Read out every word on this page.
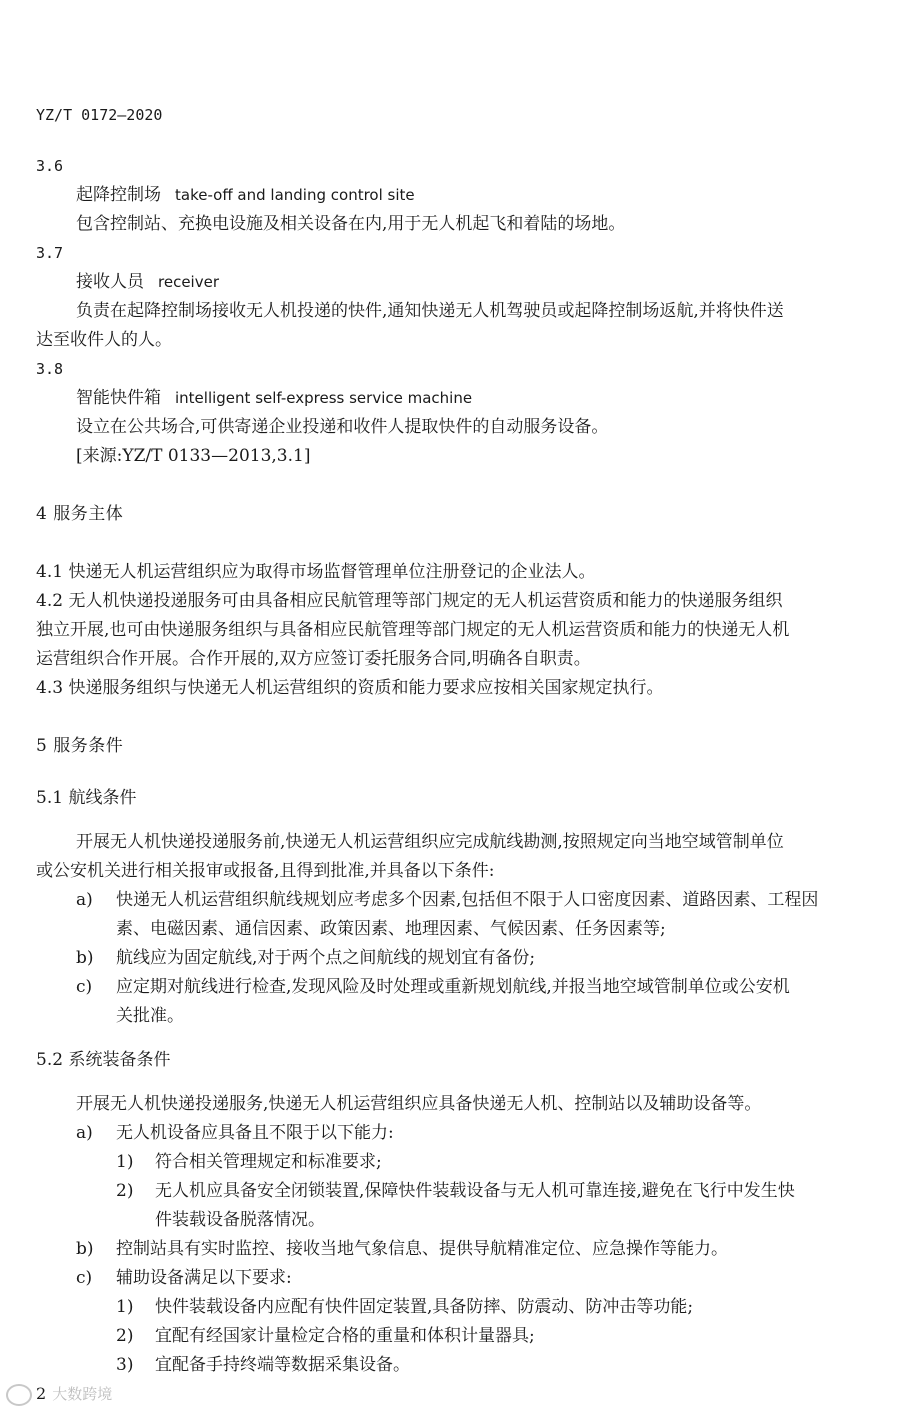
YZ/T 0172—2020
3.6
起降控制场 take-off and landing control site
包含控制站、充换电设施及相关设备在内,用于无人机起飞和着陆的场地。
3.7
接收人员 receiver
负责在起降控制场接收无人机投递的快件,通知快递无人机驾驶员或起降控制场返航,并将快件送
达至收件人的人。
3.8
智能快件箱 intelligent self-express service machine
设立在公共场合,可供寄递企业投递和收件人提取快件的自动服务设备。
[来源:YZ/T 0133—2013,3.1]
4 服务主体
4.1 快递无人机运营组织应为取得市场监督管理单位注册登记的企业法人。
4.2 无人机快递投递服务可由具备相应民航管理等部门规定的无人机运营资质和能力的快递服务组织
独立开展,也可由快递服务组织与具备相应民航管理等部门规定的无人机运营资质和能力的快递无人机
运营组织合作开展。合作开展的,双方应签订委托服务合同,明确各自职责。
4.3 快递服务组织与快递无人机运营组织的资质和能力要求应按相关国家规定执行。
5 服务条件
5.1 航线条件
开展无人机快递投递服务前,快递无人机运营组织应完成航线勘测,按照规定向当地空域管制单位
或公安机关进行相关报审或报备,且得到批准,并具备以下条件:
a) 快递无人机运营组织航线规划应考虑多个因素,包括但不限于人口密度因素、道路因素、工程因
素、电磁因素、通信因素、政策因素、地理因素、气候因素、任务因素等;
b) 航线应为固定航线,对于两个点之间航线的规划宜有备份;
c) 应定期对航线进行检查,发现风险及时处理或重新规划航线,并报当地空域管制单位或公安机
关批准。
5.2 系统装备条件
开展无人机快递投递服务,快递无人机运营组织应具备快递无人机、控制站以及辅助设备等。
a) 无人机设备应具备且不限于以下能力:
1) 符合相关管理规定和标准要求;
2) 无人机应具备安全闭锁装置,保障快件装载设备与无人机可靠连接,避免在飞行中发生快
件装载设备脱落情况。
b) 控制站具有实时监控、接收当地气象信息、提供导航精准定位、应急操作等能力。
c) 辅助设备满足以下要求:
1) 快件装载设备内应配有快件固定装置,具备防摔、防震动、防冲击等功能;
2) 宜配有经国家计量检定合格的重量和体积计量器具;
3) 宜配备手持终端等数据采集设备。
2 大数跨境
